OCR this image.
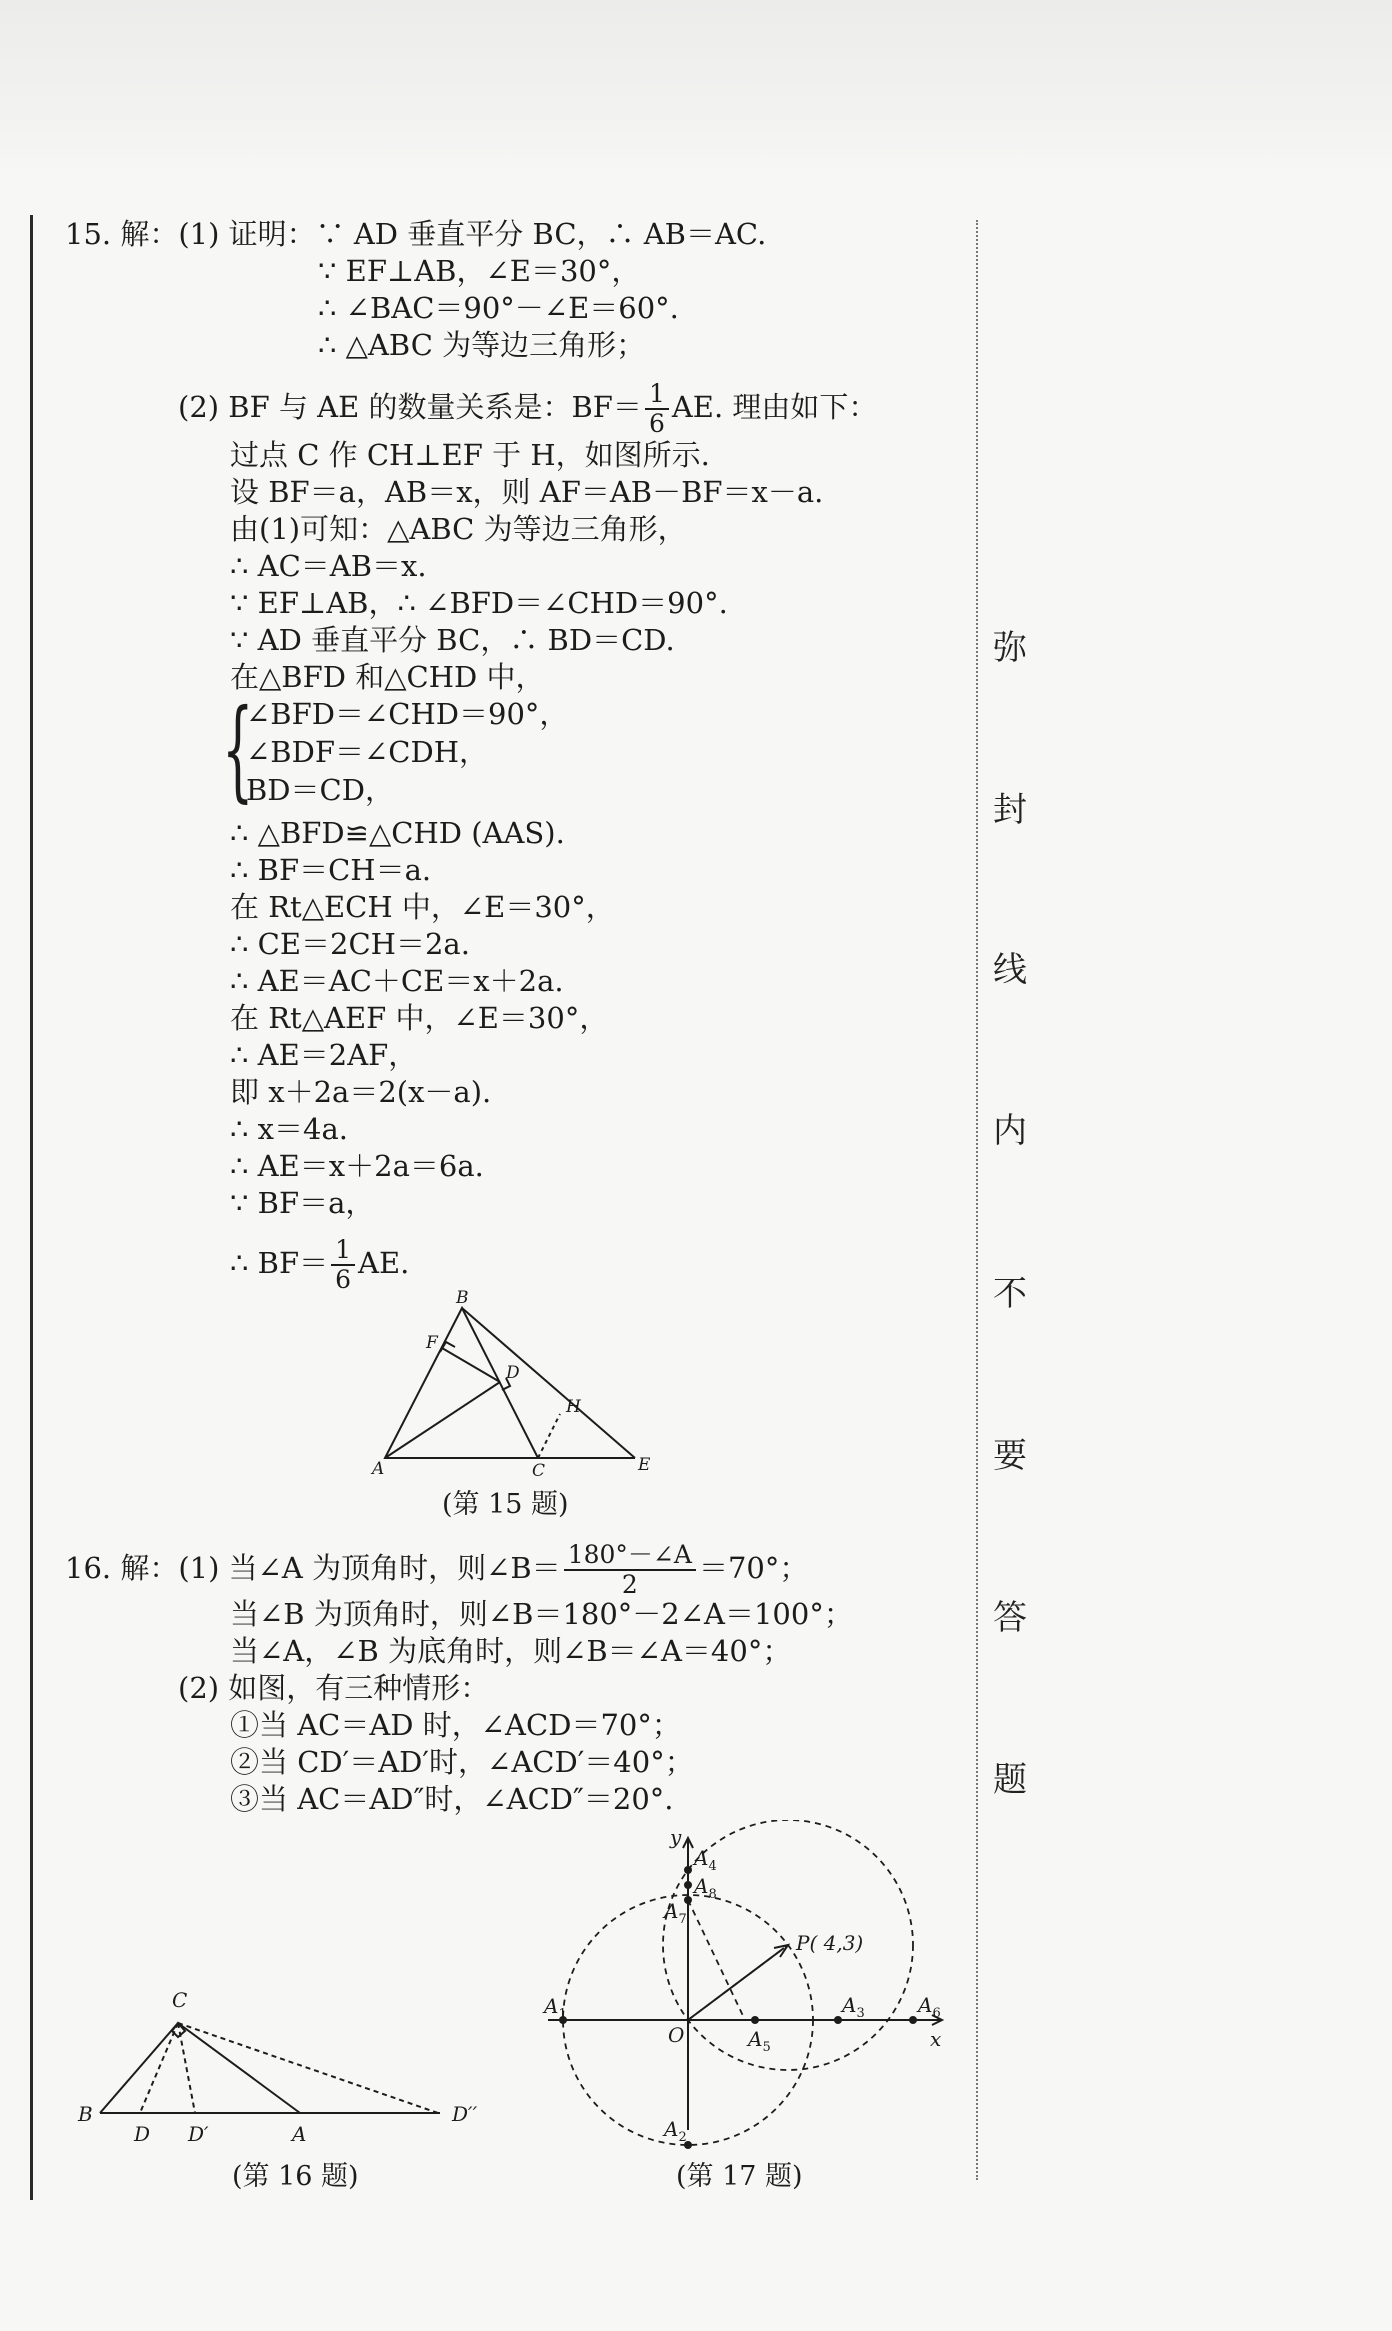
弥
封
线
内
不
要
答
题
15. 解：(1) 证明：∵ AD 垂直平分 BC，∴ AB＝AC.
∵ EF⊥AB，∠E＝30°，
∴ ∠BAC＝90°－∠E＝60°.
∴ △ABC 为等边三角形；
(2) BF 与 AE 的数量关系是：$BF= \frac{1}{6}$ AE. 理由如下：
过点 C 作 CH⊥EF 于 H，如图所示.
设 BF＝a，AB＝x，则 AF＝AB－BF＝x－a.
由(1)可知：△ABC 为等边三角形，
∴ AC＝AB＝x.
∵ EF⊥AB，∴ ∠BFD＝∠CHD＝90°.
∵ AD 垂直平分 BC，∴ BD＝CD.
在△BFD 和△CHD 中，
{
∠BFD＝∠CHD＝90°，
∠BDF＝∠CDH，
BD＝CD，
∴ △BFD≌△CHD (AAS).
∴ BF＝CH＝a.
在 Rt△ECH 中，∠E＝30°，
∴ CE＝2CH＝2a.
∴ AE＝AC＋CE＝x＋2a.
在 Rt△AEF 中，∠E＝30°，
∴ AE＝2AF，
即 x＋2a＝2(x－a).
∴ x＝4a.
∴ AE＝x＋2a＝6a.
∵ BF＝a，
∴ $BF= \frac{1}{6}$ AE.
B
F
D
H
A	C	E
(第 15 题)
16. 解：(1) 当∠A 为顶角时，则∠B＝ $\frac{180^\circ-\angle A}{2} =70^\circ$；
当∠B 为顶角时，则∠B＝180°－2∠A＝100°；
当∠A，∠B 为底角时，则∠B＝∠A＝40°；
(2) 如图，有三种情形：
①当 AC＝AD 时，∠ACD＝70°；
②当 CD′＝AD′时，∠ACD′＝40°；
③当 AC＝AD″时，∠ACD″＝20°.
C
B
D D′	A
D′′
(第 16 题)
y
x
O
P( 4,3)
$A_1$
$A_2$
$A_3$
$A_4$
$A_5$
$A_6$
$A_7$
$A_8$
(第 17 题)
